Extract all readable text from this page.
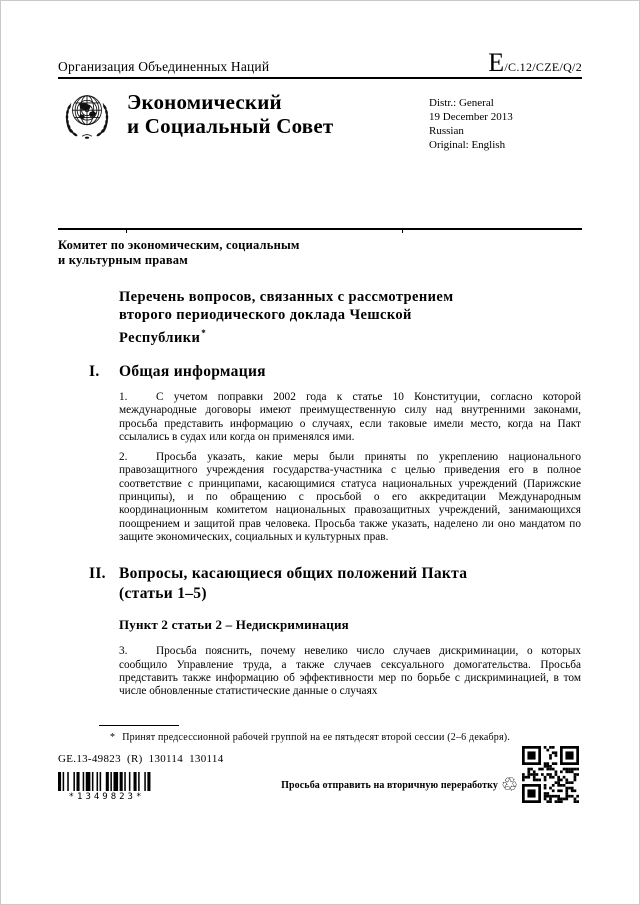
Организация Объединенных Наций	E/C.12/CZE/Q/2
Экономический
и Социальный Совет
Distr.: General
19 December 2013
Russian
Original: English
Комитет по экономическим, социальным
и культурным правам
Перечень вопросов, связанных с рассмотрением
второго периодического доклада Чешской
Республики*
I.	Общая информация

1.	С учетом поправки 2002 года к статье 10 Конституции, согласно которой международные договоры имеют преимущественную силу над внутренними законами, просьба представить информацию о случаях, если таковые имели место, когда на Пакт ссылались в судах или когда он применялся ими.

2.	Просьба указать, какие меры были приняты по укреплению национального правозащитного учреждения государства-участника с целью приведения его в полное соответствие с принципами, касающимися статуса национальных учреждений (Парижские принципы), и по обращению с просьбой о его аккредитации Международным координационным комитетом национальных правозащитных учреждений, занимающихся поощрением и защитой прав человека. Просьба также указать, наделено ли оно мандатом по защите экономических, социальных и культурных прав.

II. Вопросы, касающиеся общих положений Пакта
(статьи 1–5)
Пункт 2 статьи 2 – Недискриминация

3.	Просьба пояснить, почему невелико число случаев дискриминации, о которых сообщило Управление труда, а также случаев сексуального домогательства. Просьба представить также информацию об эффективности мер по борьбе с дискриминацией, в том числе обновленные статистические данные о случаях

* Принят предсессионной рабочей группой на ее пятьдесят второй сессии (2–6 декабря).
GE.13-49823  (R)  130114  130114
*1349823*
Просьба отправить на вторичную переработку ♲
